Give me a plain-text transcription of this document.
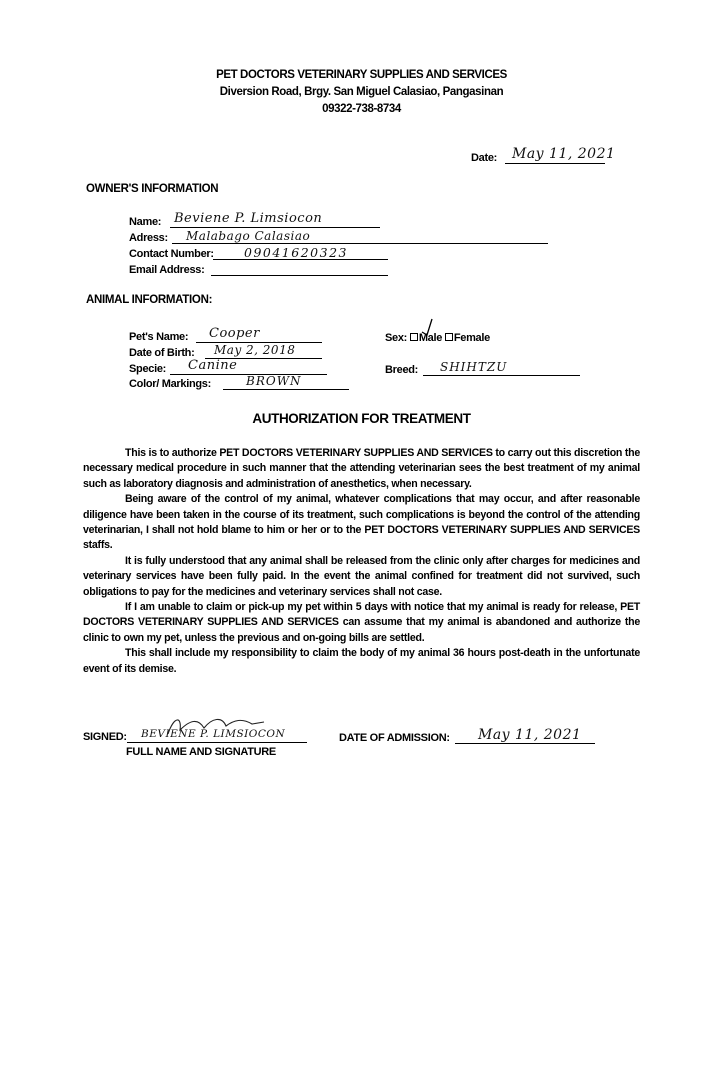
PET DOCTORS VETERINARY SUPPLIES AND SERVICES
Diversion Road, Brgy. San Miguel Calasiao, Pangasinan
09322-738-8734
Date: May 11, 2021
OWNER'S INFORMATION
Name: Beviene P. Limsiocon
Adress: Malabago Calasiao
Contact Number: 09041620323
Email Address:
ANIMAL INFORMATION:
Pet's Name: Cooper
Date of Birth: May 2, 2018
Specie: Canine
Color/ Markings:	BROWN
Sex: Male Female
Breed: SHIHTZU
AUTHORIZATION FOR TREATMENT

This is to authorize PET DOCTORS VETERINARY SUPPLIES AND SERVICES to carry out this discretion the necessary medical procedure in such manner that the attending veterinarian sees the best treatment of my animal such as laboratory diagnosis and administration of anesthetics, when necessary.

Being aware of the control of my animal, whatever complications that may occur, and after reasonable diligence have been taken in the course of its treatment, such complications is beyond the control of the attending veterinarian, I shall not hold blame to him or her or to the PET DOCTORS VETERINARY SUPPLIES AND SERVICES staffs.

It is fully understood that any animal shall be released from the clinic only after charges for medicines and veterinary services have been fully paid. In the event the animal confined for treatment did not survived, such obligations to pay for the medicines and veterinary services shall not case.

If I am unable to claim or pick-up my pet within 5 days with notice that my animal is ready for release, PET DOCTORS VETERINARY SUPPLIES AND SERVICES can assume that my animal is abandoned and authorize the clinic to own my pet, unless the previous and on-going bills are settled.

This shall include my responsibility to claim the body of my animal 36 hours post-death in the unfortunate event of its demise.

SIGNED: BEVIENE P. LIMSIOCON
FULL NAME AND SIGNATURE
DATE OF ADMISSION: May 11, 2021
